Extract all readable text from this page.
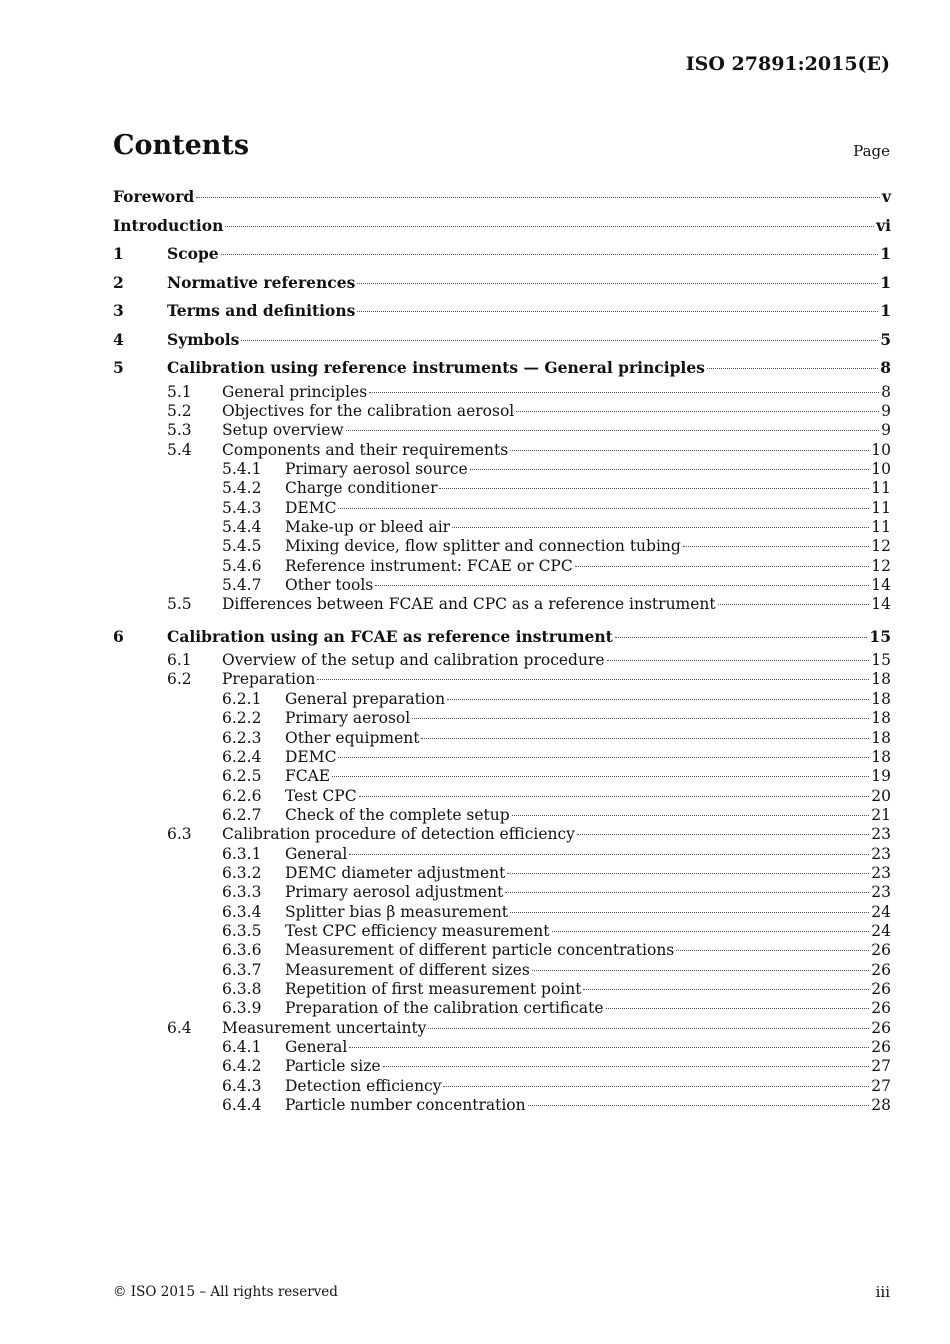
ISO 27891:2015(E)
Contents	Page
Foreword	v
Introduction	vi
1	Scope	1
2	Normative references	1
3	Terms and definitions	1
4	Symbols	5
5	Calibration using reference instruments — General principles	8
5.1	General principles	8
5.2	Objectives for the calibration aerosol	9
5.3	Setup overview	9
5.4	Components and their requirements	10
5.4.1	Primary aerosol source	10
5.4.2	Charge conditioner	11
5.4.3	DEMC	11
5.4.4	Make-up or bleed air	11
5.4.5	Mixing device, flow splitter and connection tubing	12
5.4.6	Reference instrument: FCAE or CPC	12
5.4.7	Other tools	14
5.5	Differences between FCAE and CPC as a reference instrument	14
6	Calibration using an FCAE as reference instrument	15
6.1	Overview of the setup and calibration procedure	15
6.2	Preparation	18
6.2.1	General preparation	18
6.2.2	Primary aerosol	18
6.2.3	Other equipment	18
6.2.4	DEMC	18
6.2.5	FCAE	19
6.2.6	Test CPC	20
6.2.7	Check of the complete setup	21
6.3	Calibration procedure of detection efficiency	23
6.3.1	General	23
6.3.2	DEMC diameter adjustment	23
6.3.3	Primary aerosol adjustment	23
6.3.4	Splitter bias β measurement	24
6.3.5	Test CPC efficiency measurement	24
6.3.6	Measurement of different particle concentrations	26
6.3.7	Measurement of different sizes	26
6.3.8	Repetition of first measurement point	26
6.3.9	Preparation of the calibration certificate	26
6.4	Measurement uncertainty	26
6.4.1	General	26
6.4.2	Particle size	27
6.4.3	Detection efficiency	27
6.4.4	Particle number concentration	28
© ISO 2015 – All rights reserved	iii
